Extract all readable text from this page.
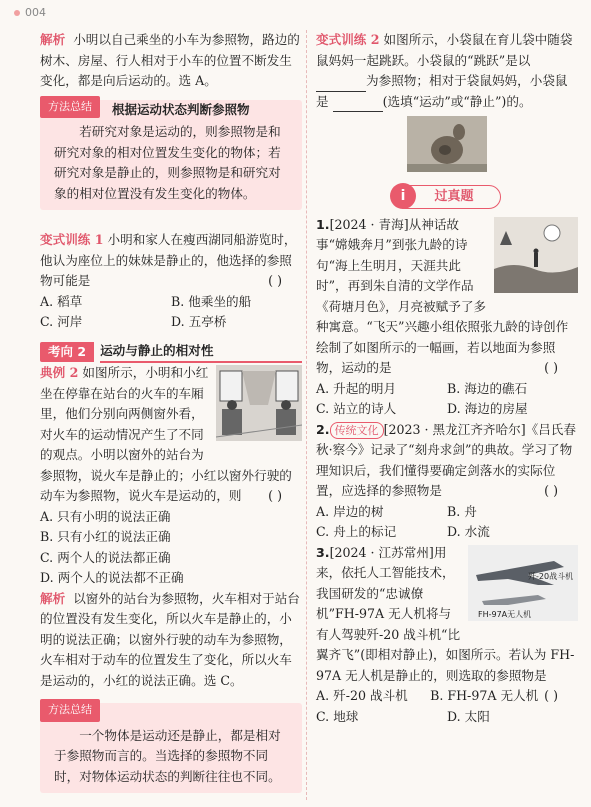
004
解析 小明以自己乘坐的小车为参照物，路边的树木、房屋、行人相对于小车的位置不断发生变化，都是向后运动的。选 A。
方法总结 根据运动状态判断参照物
若研究对象是运动的，则参照物是和研究对象的相对位置发生变化的物体；若研究对象是静止的，则参照物是和研究对象的相对位置没有发生变化的物体。
变式训练 1 小明和家人在瘦西湖同船游览时，他认为座位上的妹妹是静止的，他选择的参照物可能是	( )
A. 稻草	B. 他乘坐的船
C. 河岸	D. 五亭桥
考向 2	运动与静止的相对性
典例 2 如图所示，小明和小红坐在停靠在站台的火车的车厢里，他们分别向两侧窗外看，对火车的运动情况产生了不同的观点。小明以窗外的站台为参照物，说火车是静止的；小红以窗外行驶的动车为参照物，说火车是运动的，则 ( )
A. 只有小明的说法正确
B. 只有小红的说法正确
C. 两个人的说法都正确
D. 两个人的说法都不正确
解析 以窗外的站台为参照物，火车相对于站台的位置没有发生变化，所以火车是静止的，小明的说法正确；以窗外行驶的动车为参照物，火车相对于动车的位置发生了变化，所以火车是运动的，小红的说法正确。选 C。
方法总结
一个物体是运动还是静止，都是相对于参照物而言的。当选择的参照物不同时，对物体运动状态的判断往往也不同。
变式训练 2 如图所示，小袋鼠在育儿袋中随袋鼠妈妈一起跳跃。小袋鼠的“跳跃”是以 为参照物；相对于袋鼠妈妈，小袋鼠是	(选填“运动”或“静止”)的。
i	过真题
1.[2024 · 青海]从神话故事“嫦娥奔月”到张九龄的诗句“海上生明月，天涯共此时”，再到朱自清的文学作品《荷塘月色》，月亮被赋予了多种寓意。“飞天”兴趣小组依照张九龄的诗创作绘制了如图所示的一幅画，若以地面为参照物，运动的是	( )
A. 升起的明月	B. 海边的礁石
C. 站立的诗人	D. 海边的房屋
2. 传统文化 [2023 · 黑龙江齐齐哈尔]《吕氏春秋·察今》记录了“刻舟求剑”的典故。学习了物理知识后，我们懂得要确定剑落水的实际位置，应选择的参照物是	( )
A. 岸边的树	B. 舟
C. 舟上的标记	D. 水流
歼-20战斗机
FH-97A无人机
3.[2024 · 江苏常州]用来，依托人工智能技术，我国研发的“忠诚僚机”FH-97A 无人机将与有人驾驶歼-20 战斗机“比翼齐飞”(即相对静止)，如图所示。若认为 FH-97A 无人机是静止的，则选取的参照物是
( )
A. 歼-20 战斗机	B. FH-97A 无人机
C. 地球	D. 太阳
